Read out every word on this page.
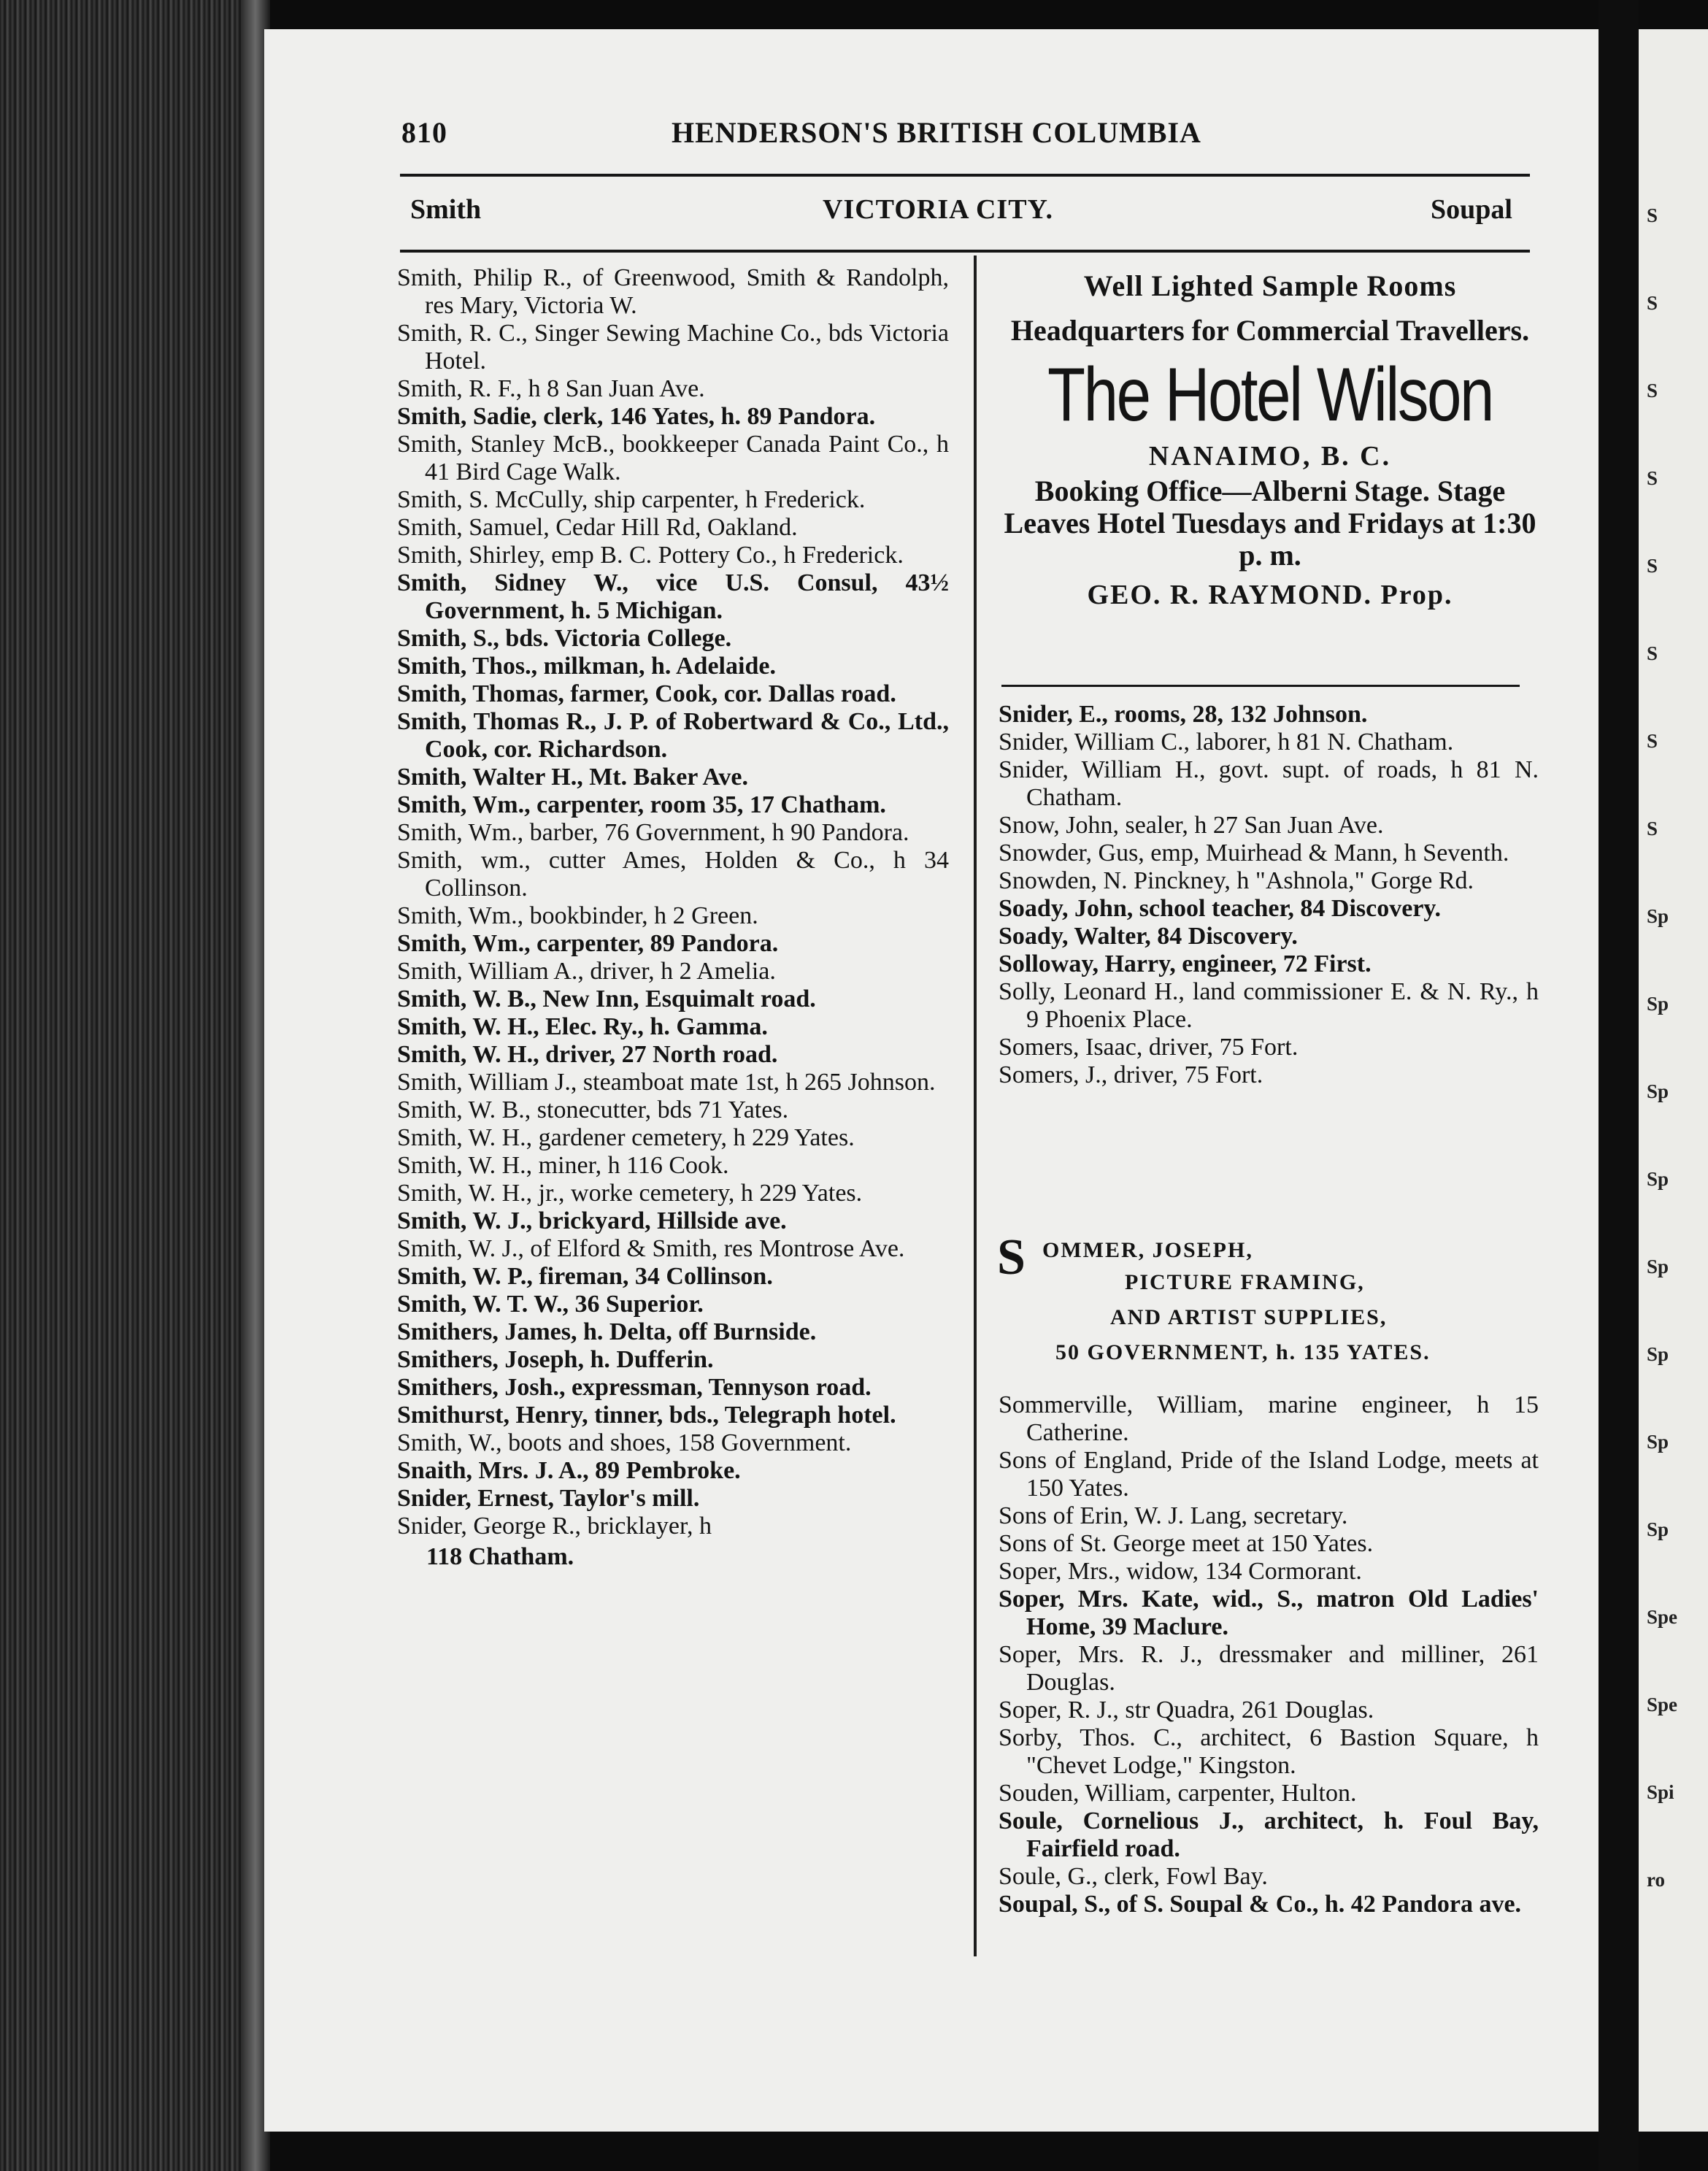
S
S
S
S
S
S
S
S
Sp
Sp
Sp
Sp
Sp
Sp
Sp
Sp
Spe
Spe
Spi
ro
810	HENDERSON'S BRITISH COLUMBIA
Smith	VICTORIA CITY.	Soupal

Smith, Philip R., of Greenwood, Smith & Randolph, res Mary, Victoria W.

Smith, R. C., Singer Sewing Machine Co., bds Victoria Hotel.

Smith, R. F., h 8 San Juan Ave.

Smith, Sadie, clerk, 146 Yates, h. 89 Pandora.

Smith, Stanley McB., bookkeeper Canada Paint Co., h 41 Bird Cage Walk.

Smith, S. McCully, ship carpenter, h Frederick.

Smith, Samuel, Cedar Hill Rd, Oakland.

Smith, Shirley, emp B. C. Pottery Co., h Frederick.

Smith, Sidney W., vice U.S. Consul, 43½ Government, h. 5 Michigan.

Smith, S., bds. Victoria College.

Smith, Thos., milkman, h. Adelaide.

Smith, Thomas, farmer, Cook, cor. Dallas road.

Smith, Thomas R., J. P. of Robertward & Co., Ltd., Cook, cor. Richardson.

Smith, Walter H., Mt. Baker Ave.

Smith, Wm., carpenter, room 35, 17 Chatham.

Smith, Wm., barber, 76 Government, h 90 Pandora.

Smith, wm., cutter Ames, Holden & Co., h 34 Collinson.

Smith, Wm., bookbinder, h 2 Green.

Smith, Wm., carpenter, 89 Pandora.

Smith, William A., driver, h 2 Amelia.

Smith, W. B., New Inn, Esquimalt road.

Smith, W. H., Elec. Ry., h. Gamma.

Smith, W. H., driver, 27 North road.

Smith, William J., steamboat mate 1st, h 265 Johnson.

Smith, W. B., stonecutter, bds 71 Yates.

Smith, W. H., gardener cemetery, h 229 Yates.

Smith, W. H., miner, h 116 Cook.

Smith, W. H., jr., worke cemetery, h 229 Yates.

Smith, W. J., brickyard, Hillside ave.

Smith, W. J., of Elford & Smith, res Montrose Ave.

Smith, W. P., fireman, 34 Collinson.

Smith, W. T. W., 36 Superior.

Smithers, James, h. Delta, off Burnside.

Smithers, Joseph, h. Dufferin.

Smithers, Josh., expressman, Tennyson road.

Smithurst, Henry, tinner, bds., Telegraph hotel.

Smith, W., boots and shoes, 158 Government.

Snaith, Mrs. J. A., 89 Pembroke.

Snider, Ernest, Taylor's mill.

Snider, George R., bricklayer, h

118 Chatham.

Well Lighted Sample Rooms
Headquarters for Commercial Travellers.
The Hotel Wilson
NANAIMO, B. C.
Booking Office—Alberni Stage. Stage Leaves Hotel Tuesdays and Fridays at 1:30 p. m.
GEO. R. RAYMOND. Prop.

Snider, E., rooms, 28, 132 Johnson.

Snider, William C., laborer, h 81 N. Chatham.

Snider, William H., govt. supt. of roads, h 81 N. Chatham.

Snow, John, sealer, h 27 San Juan Ave.

Snowder, Gus, emp, Muirhead & Mann, h Seventh.

Snowden, N. Pinckney, h "Ashnola," Gorge Rd.

Soady, John, school teacher, 84 Discovery.

Soady, Walter, 84 Discovery.

Solloway, Harry, engineer, 72 First.

Solly, Leonard H., land commissioner E. & N. Ry., h 9 Phoenix Place.

Somers, Isaac, driver, 75 Fort.

Somers, J., driver, 75 Fort.

S OMMER, JOSEPH,
PICTURE FRAMING,
AND ARTIST SUPPLIES,
50 GOVERNMENT, h. 135 YATES.

Sommerville, William, marine engineer, h 15 Catherine.

Sons of England, Pride of the Island Lodge, meets at 150 Yates.

Sons of Erin, W. J. Lang, secretary.

Sons of St. George meet at 150 Yates.

Soper, Mrs., widow, 134 Cormorant.

Soper, Mrs. Kate, wid., S., matron Old Ladies' Home, 39 Maclure.

Soper, Mrs. R. J., dressmaker and milliner, 261 Douglas.

Soper, R. J., str Quadra, 261 Douglas.

Sorby, Thos. C., architect, 6 Bastion Square, h "Chevet Lodge," Kingston.

Souden, William, carpenter, Hulton.

Soule, Cornelious J., architect, h. Foul Bay, Fairfield road.

Soule, G., clerk, Fowl Bay.

Soupal, S., of S. Soupal & Co., h. 42 Pandora ave.
